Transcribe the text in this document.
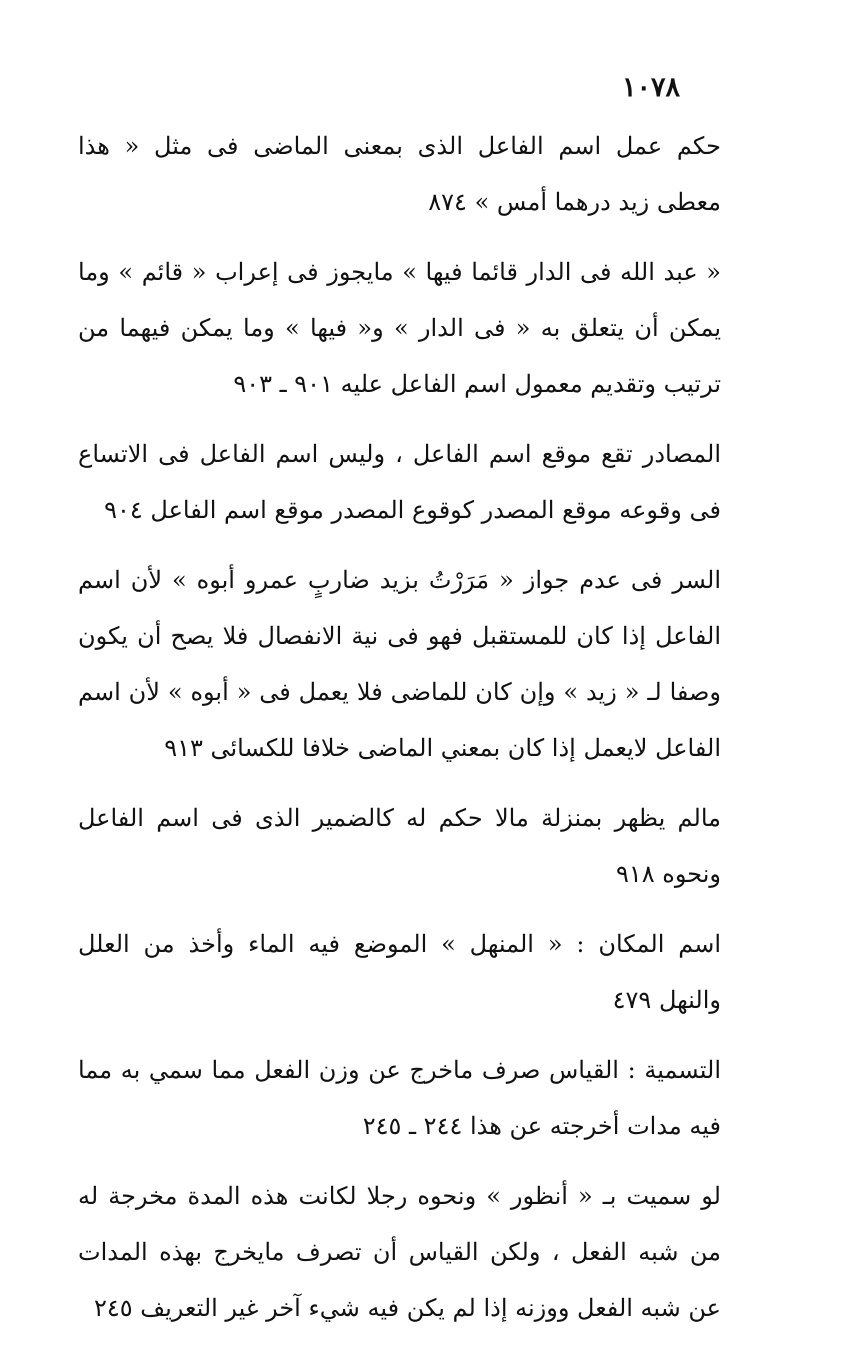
١٠٧٨

حكم عمل اسم الفاعل الذى بمعنى الماضى فى مثل « هذا معطى زيد درهما أمس » ٨٧٤

« عبد الله فى الدار قائما فيها » مايجوز فى إعراب « قائم » وما يمكن أن يتعلق به « فى الدار » و« فيها » وما يمكن فيهما من ترتيب وتقديم معمول اسم الفاعل عليه ٩٠١ ـ ٩٠٣

المصادر تقع موقع اسم الفاعل ، وليس اسم الفاعل فى الاتساع فى وقوعه موقع المصدر كوقوع المصدر موقع اسم الفاعل ٩٠٤

السر فى عدم جواز « مَرَرْتُ بزيد ضاربٍ عمرو أبوه » لأن اسم الفاعل إذا كان للمستقبل فهو فى نية الانفصال فلا يصح أن يكون وصفا لـ « زيد » وإن كان للماضى فلا يعمل فى « أبوه » لأن اسم الفاعل لايعمل إذا كان بمعني الماضى خلافا للكسائى ٩١٣

مالم يظهر بمنزلة مالا حكم له كالضمير الذى فى اسم الفاعل ونحوه ٩١٨

اسم المكان : « المنهل » الموضع فيه الماء وأخذ من العلل والنهل ٤٧٩

التسمية : القياس صرف ماخرج عن وزن الفعل مما سمي به مما فيه مدات أخرجته عن هذا ٢٤٤ ـ ٢٤٥

لو سميت بـ « أنظور » ونحوه رجلا لكانت هذه المدة مخرجة له من شبه الفعل ، ولكن القياس أن تصرف مايخرج بهذه المدات عن شبه الفعل ووزنه إذا لم يكن فيه شيء آخر غير التعريف ٢٤٥
